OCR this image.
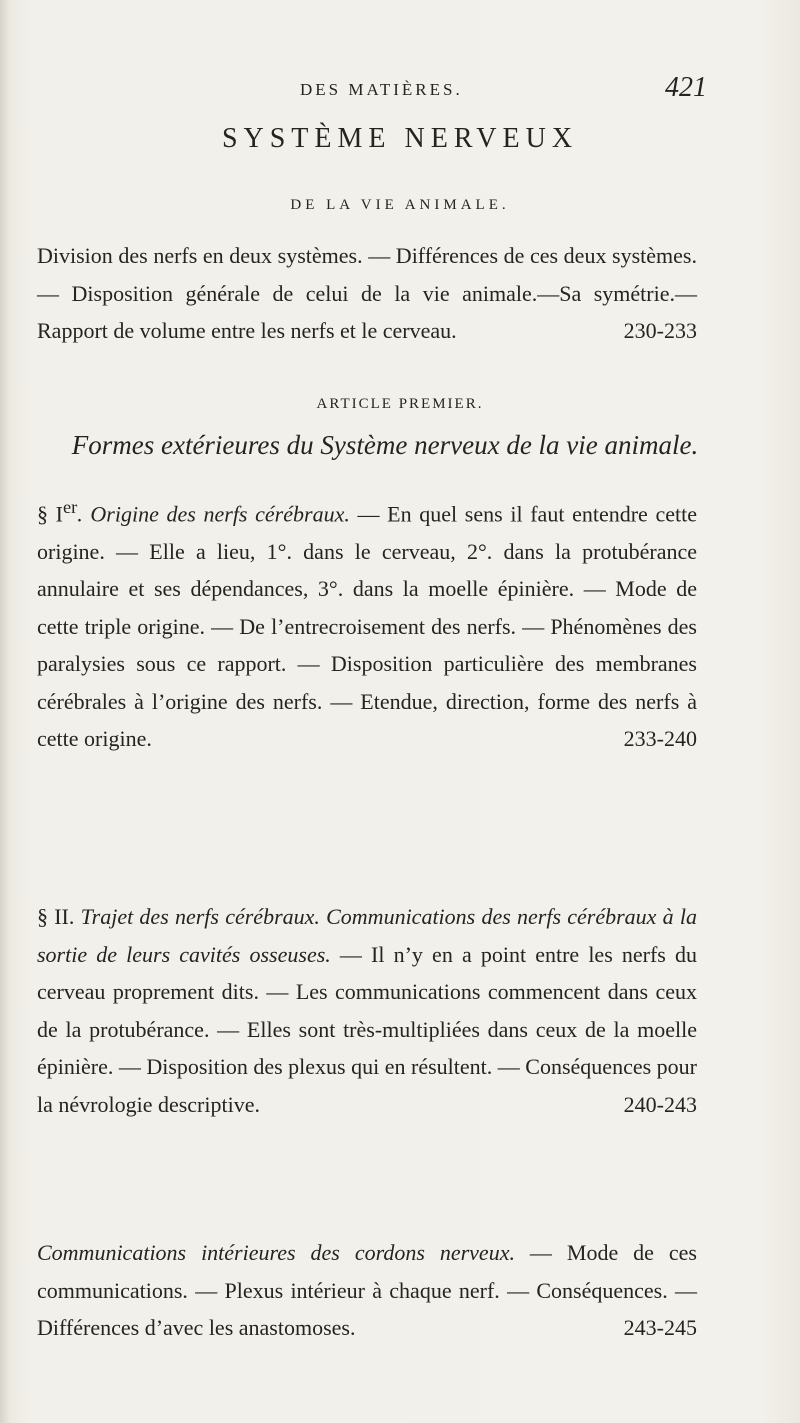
DES MATIÈRES.	421
SYSTÈME NERVEUX
DE LA VIE ANIMALE.
Division des nerfs en deux systèmes. — Différences de ces deux systèmes. — Disposition générale de celui de la vie animale.—Sa symétrie.— Rapport de volume entre les nerfs et le cerveau.	230-233
ARTICLE PREMIER.
Formes extérieures du Système nerveux de la vie animale.
§ Ier. Origine des nerfs cérébraux. — En quel sens il faut entendre cette origine. — Elle a lieu, 1°. dans le cerveau, 2°. dans la protubérance annulaire et ses dépendances, 3°. dans la moelle épinière. — Mode de cette triple origine. — De l’entrecroisement des nerfs. — Phénomènes des paralysies sous ce rapport. — Disposition particulière des membranes cérébrales à l’origine des nerfs. — Etendue, direction, forme des nerfs à cette origine.	233-240
§ II. Trajet des nerfs cérébraux. Communications des nerfs cérébraux à la sortie de leurs cavités osseuses. — Il n’y en a point entre les nerfs du cerveau proprement dits. — Les communications commencent dans ceux de la protubérance. — Elles sont très-multipliées dans ceux de la moelle épinière. — Disposition des plexus qui en résultent. — Conséquences pour la névrologie descriptive.	240-243
Communications intérieures des cordons nerveux. — Mode de ces communications. — Plexus intérieur à chaque nerf. — Conséquences. — Différences d’avec les anastomoses.	243-245
